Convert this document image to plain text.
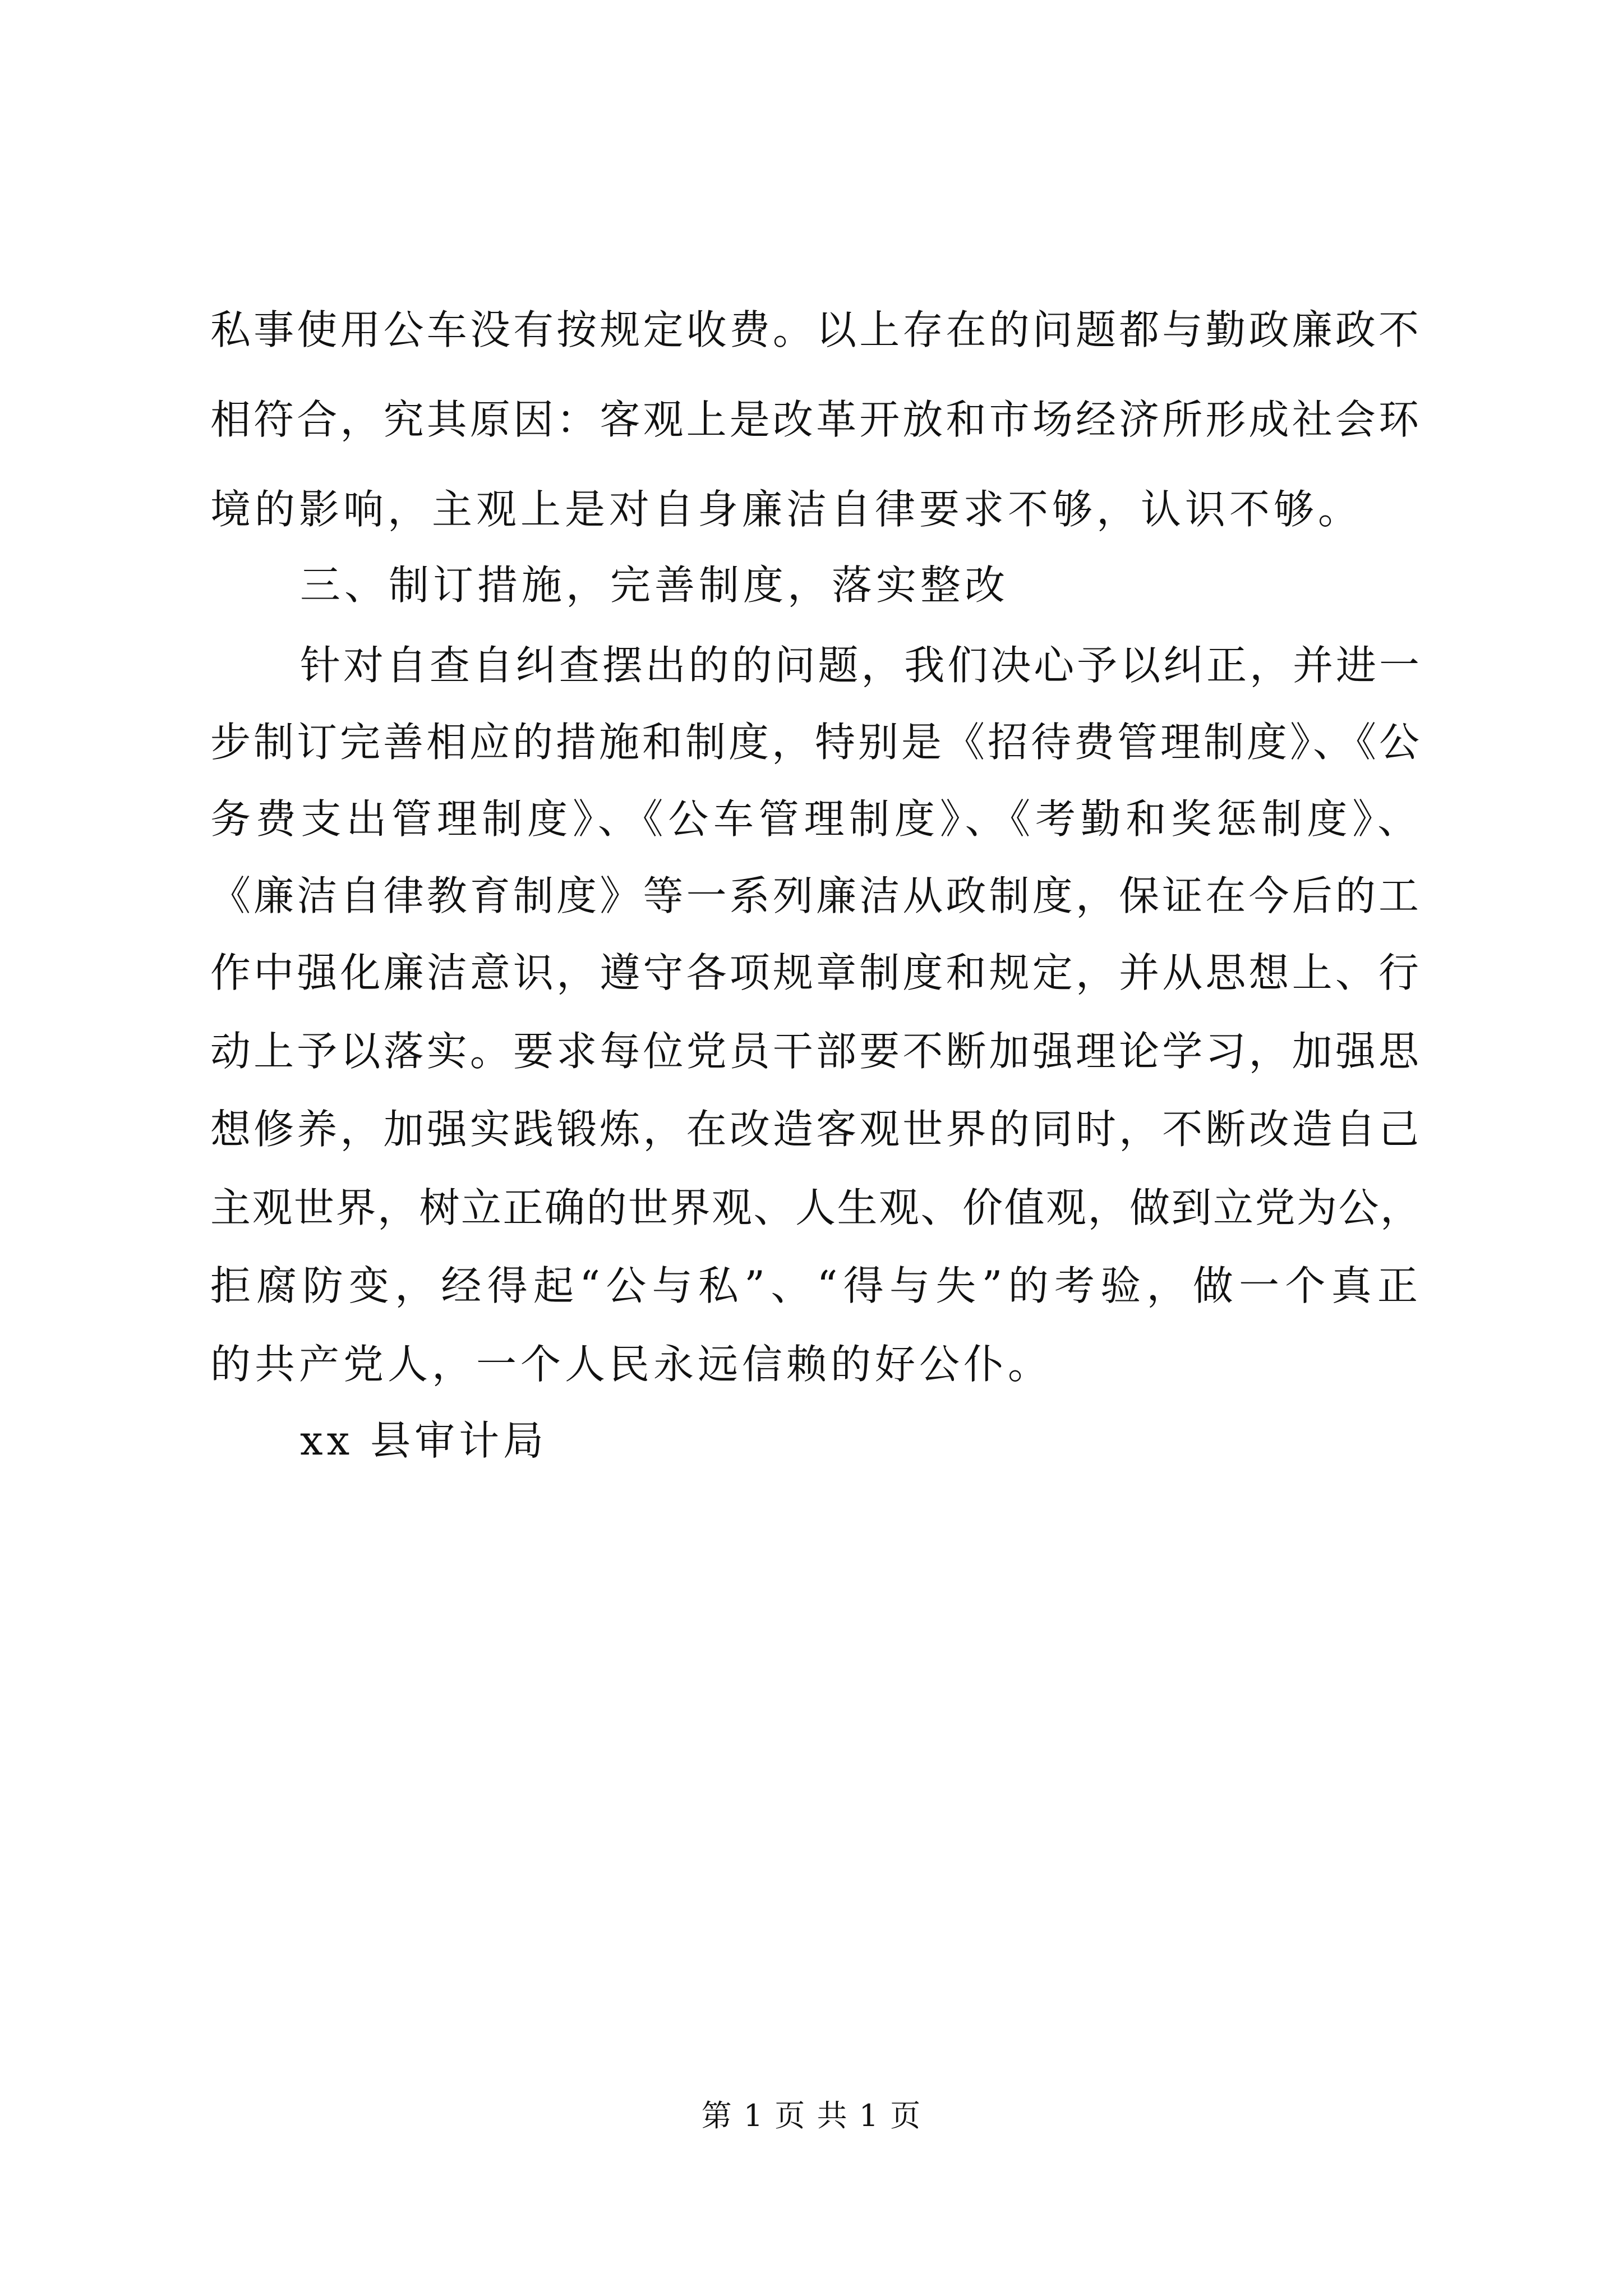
私事使用公车没有按规定收费。以上存在的问题都与勤政廉政不
相符合，究其原因：客观上是改革开放和市场经济所形成社会环
境的影响，主观上是对自身廉洁自律要求不够，认识不够。
三、制订措施，完善制度，落实整改
针对自查自纠查摆出的的问题，我们决心予以纠正，并进一
步制订完善相应的措施和制度，特别是《招待费管理制度》、《公
务费支出管理制度》、《公车管理制度》、《考勤和奖惩制度》、
《廉洁自律教育制度》等一系列廉洁从政制度，保证在今后的工
作中强化廉洁意识，遵守各项规章制度和规定，并从思想上、行
动上予以落实。要求每位党员干部要不断加强理论学习，加强思
想修养，加强实践锻炼，在改造客观世界的同时，不断改造自己
主观世界，树立正确的世界观、人生观、价值观，做到立党为公，
拒腐防变，经得起“公与私”、“得与失”的考验，做一个真正
的共产党人，一个人民永远信赖的好公仆。
xx 县审计局
第 1 页 共 1 页
